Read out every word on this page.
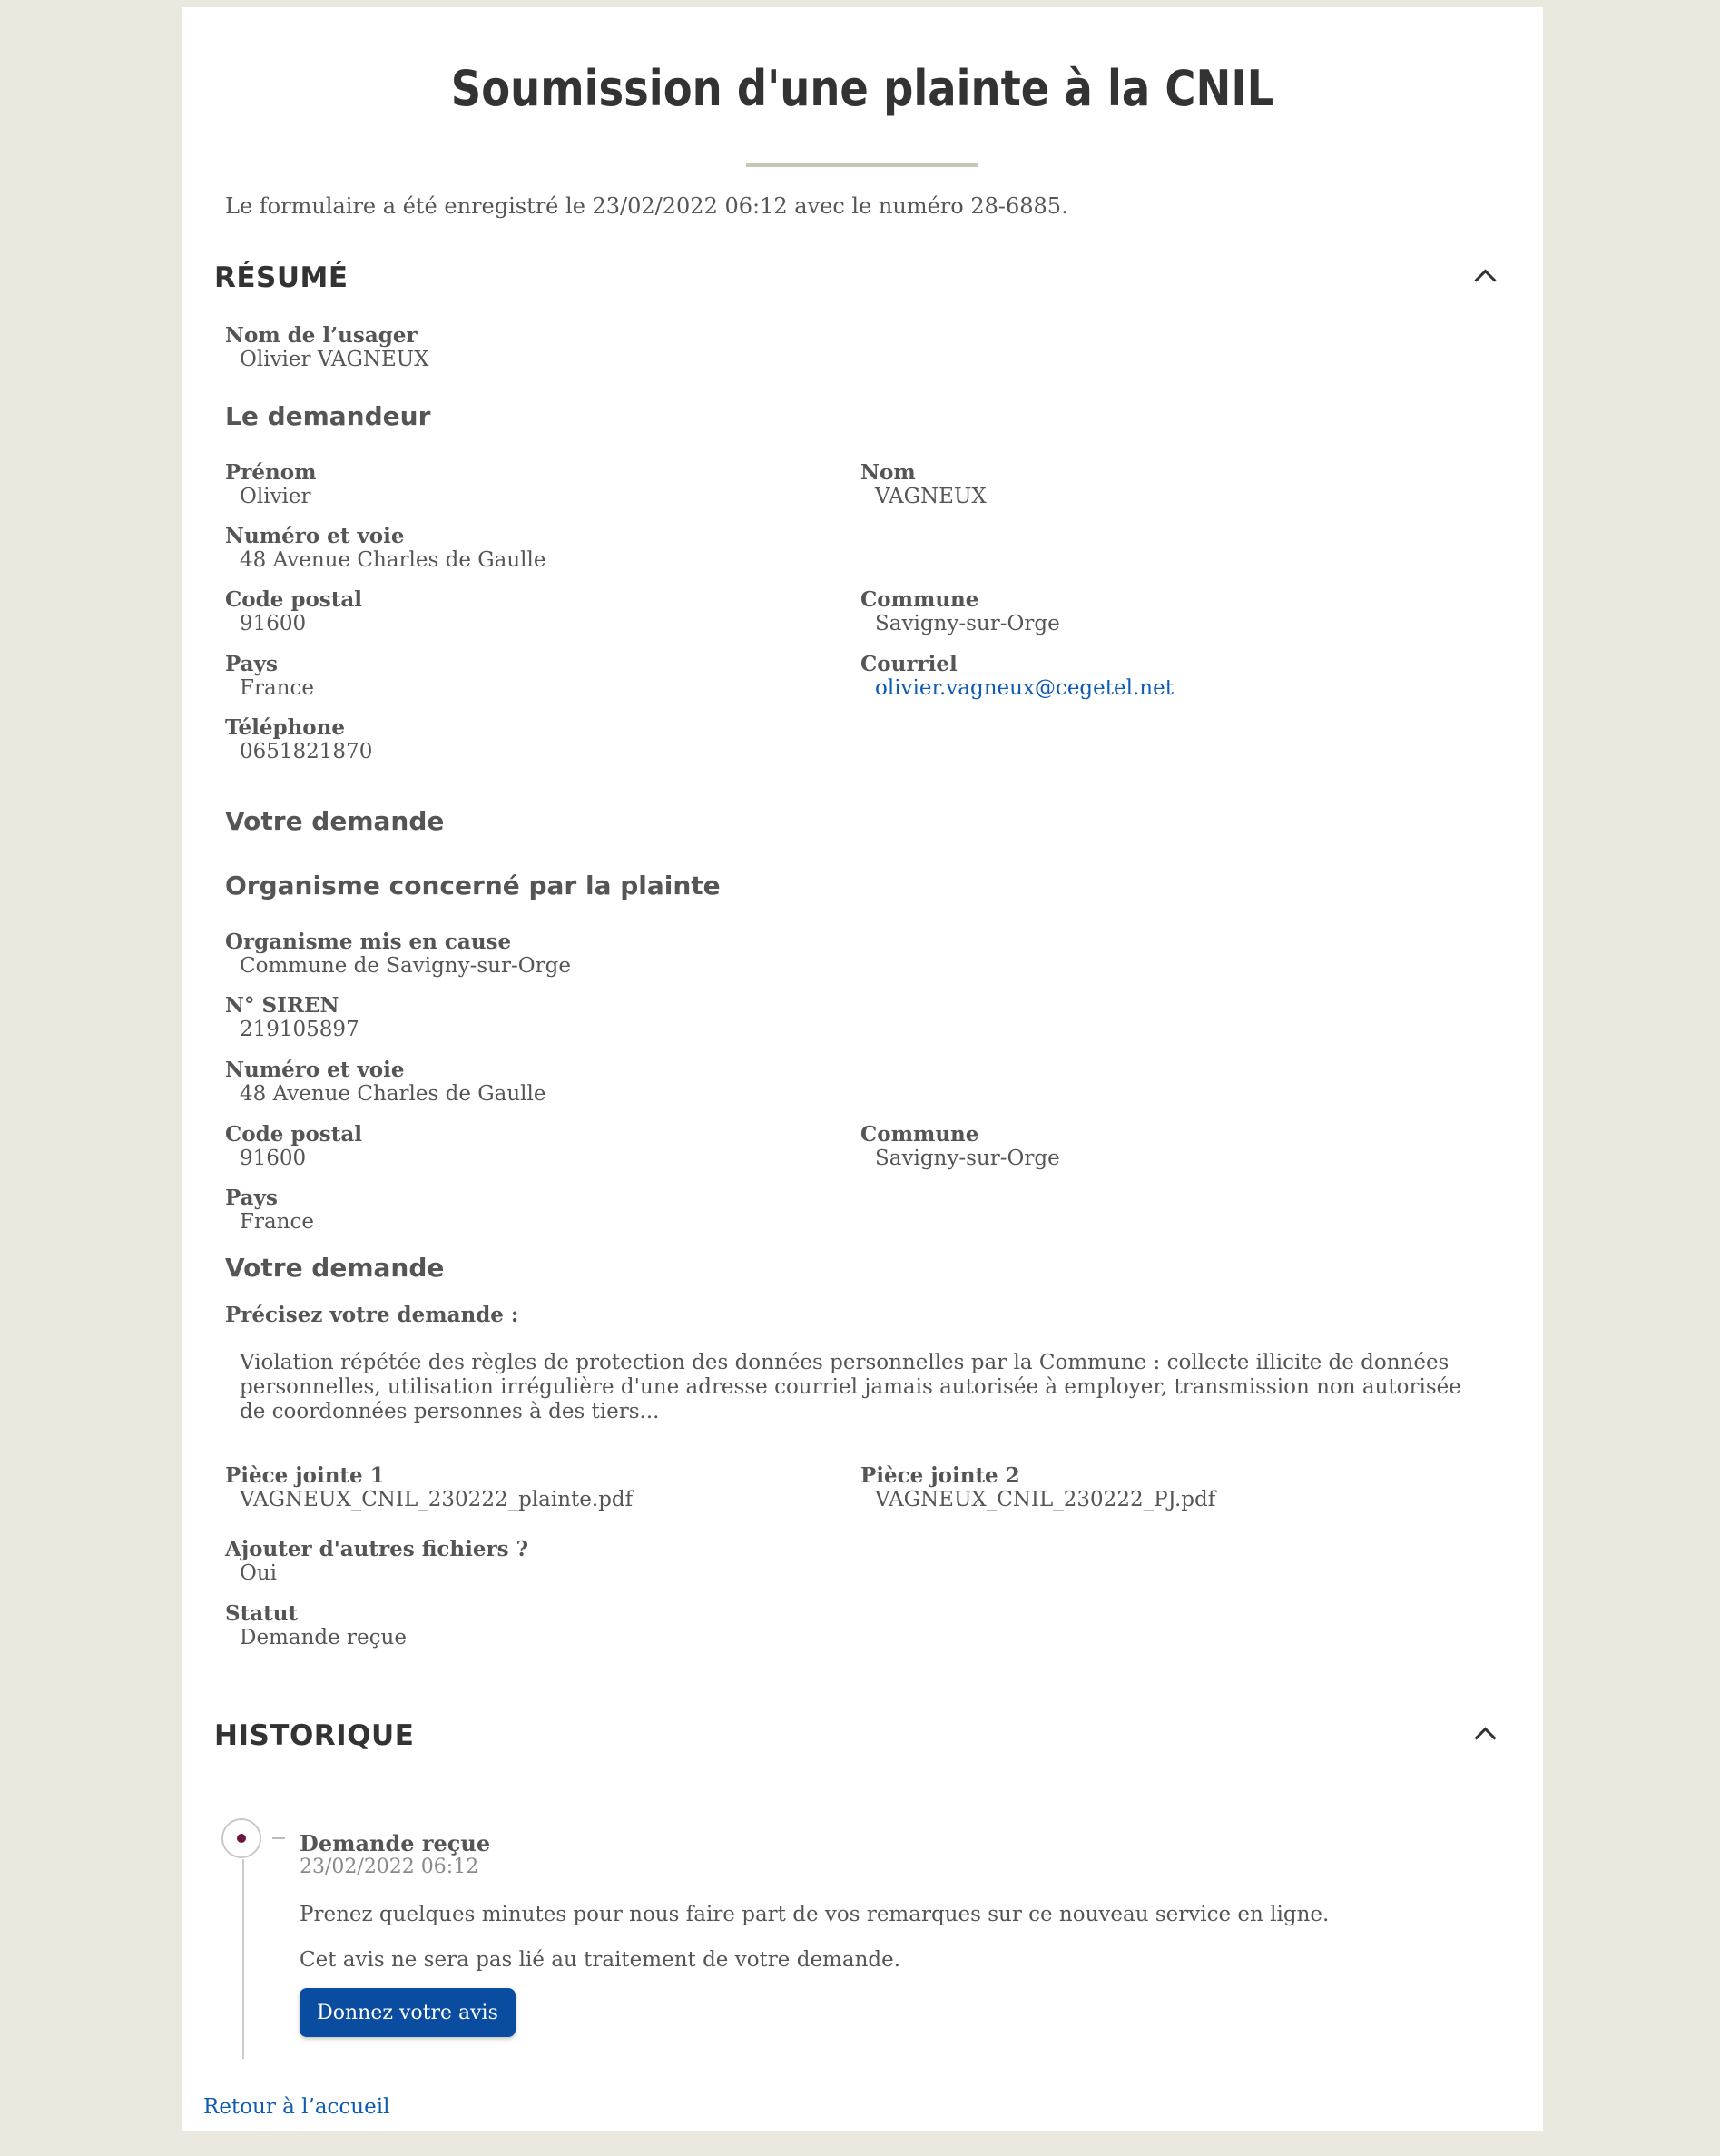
Soumission d'une plainte à la CNIL
Le formulaire a été enregistré le 23/02/2022 06:12 avec le numéro 28-6885.
RÉSUMÉ
Nom de l’usager
Olivier VAGNEUX
Le demandeur
Prénom
Olivier
Nom
VAGNEUX
Numéro et voie
48 Avenue Charles de Gaulle
Code postal
91600
Commune
Savigny-sur-Orge
Pays
France
Courriel
olivier.vagneux@cegetel.net
Téléphone
0651821870
Votre demande
Organisme concerné par la plainte
Organisme mis en cause
Commune de Savigny-sur-Orge
N° SIREN
219105897
Numéro et voie
48 Avenue Charles de Gaulle
Code postal
91600
Commune
Savigny-sur-Orge
Pays
France
Votre demande
Précisez votre demande :
Violation répétée des règles de protection des données personnelles par la Commune : collecte illicite de données personnelles, utilisation irrégulière d'une adresse courriel jamais autorisée à employer, transmission non autorisée de coordonnées personnes à des tiers...
Pièce jointe 1
VAGNEUX_CNIL_230222_plainte.pdf
Pièce jointe 2
VAGNEUX_CNIL_230222_PJ.pdf
Ajouter d'autres fichiers ?
Oui
Statut
Demande reçue
HISTORIQUE
Demande reçue
23/02/2022 06:12
Prenez quelques minutes pour nous faire part de vos remarques sur ce nouveau service en ligne.
Cet avis ne sera pas lié au traitement de votre demande.
Donnez votre avis
Retour à l’accueil
